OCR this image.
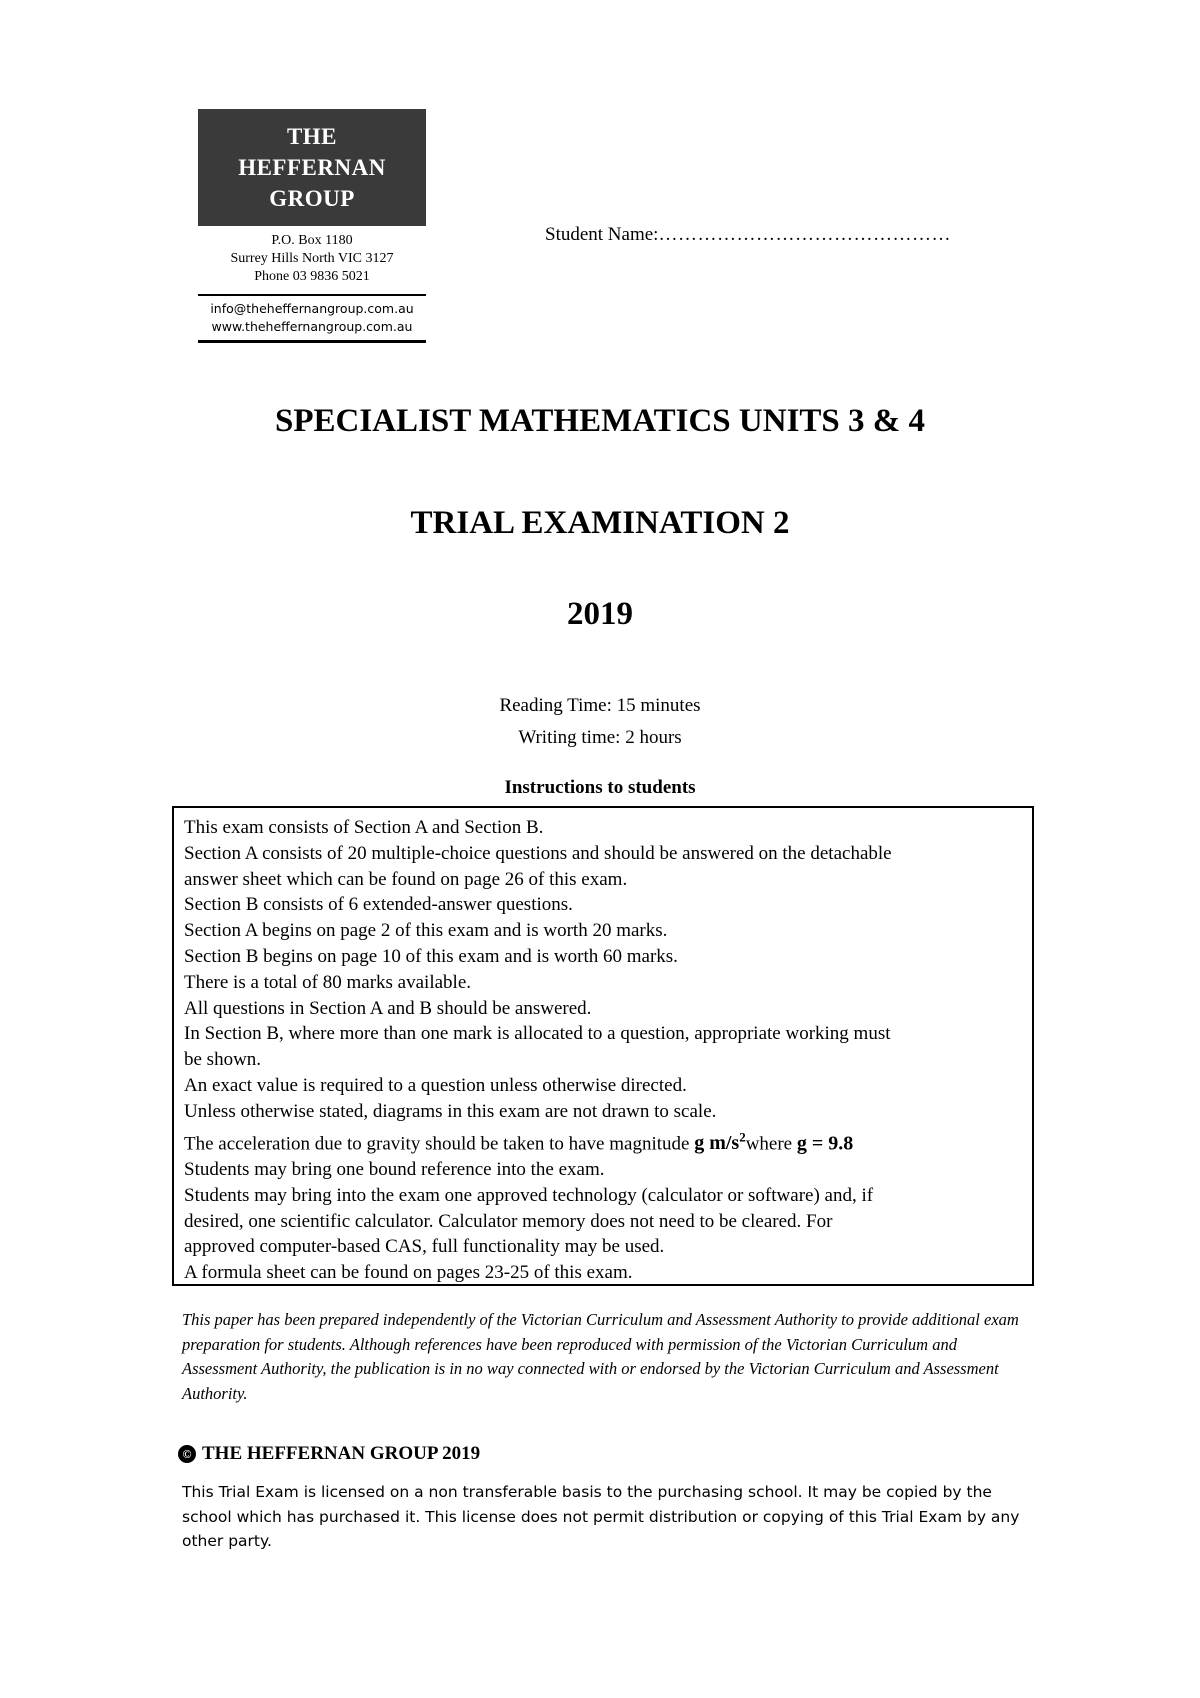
THE
HEFFERNAN
GROUP
P.O. Box 1180
Surrey Hills North VIC 3127
Phone 03 9836 5021
info@theheffernangroup.com.au
www.theheffernangroup.com.au
Student Name:………………………………………
SPECIALIST MATHEMATICS UNITS 3 & 4
TRIAL EXAMINATION 2
2019
Reading Time: 15 minutes
Writing time: 2 hours
Instructions to students
This exam consists of Section A and Section B.
Section A consists of 20 multiple-choice questions and should be answered on the detachable
answer sheet which can be found on page 26 of this exam.
Section B consists of 6 extended-answer questions.
Section A begins on page 2 of this exam and is worth 20 marks.
Section B begins on page 10 of this exam and is worth 60 marks.
There is a total of 80 marks available.
All questions in Section A and B should be answered.
In Section B, where more than one mark is allocated to a question, appropriate working must
be shown.
An exact value is required to a question unless otherwise directed.
Unless otherwise stated, diagrams in this exam are not drawn to scale.
The acceleration due to gravity should be taken to have magnitude g $m/s^2where$ g = 9.8
Students may bring one bound reference into the exam.
Students may bring into the exam one approved technology (calculator or software) and, if
desired, one scientific calculator. Calculator memory does not need to be cleared. For
approved computer-based CAS, full functionality may be used.
A formula sheet can be found on pages 23-25 of this exam.
This paper has been prepared independently of the Victorian Curriculum and Assessment Authority to provide additional exam preparation for students. Although references have been reproduced with permission of the Victorian Curriculum and Assessment Authority, the publication is in no way connected with or endorsed by the Victorian Curriculum and Assessment Authority.
© THE HEFFERNAN GROUP 2019
This Trial Exam is licensed on a non transferable basis to the purchasing school. It may be copied by the school which has purchased it. This license does not permit distribution or copying of this Trial Exam by any other party.
